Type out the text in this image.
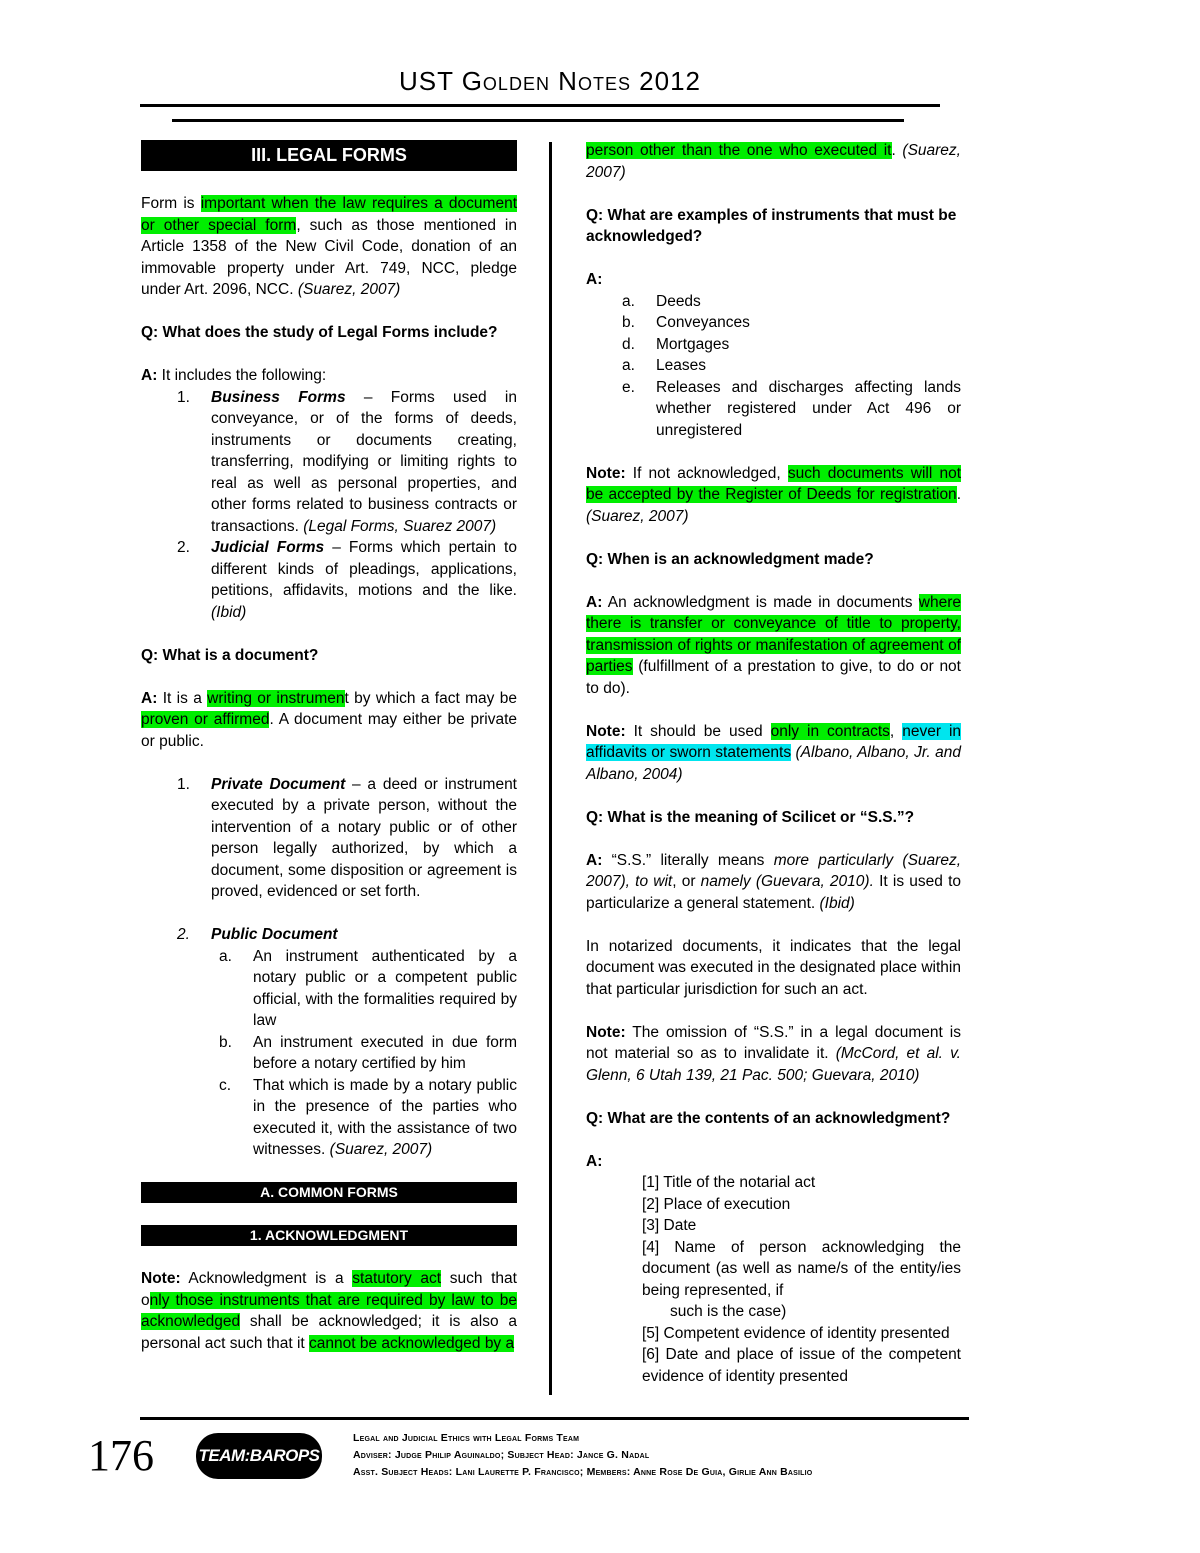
UST Golden Notes 2012
III. LEGAL FORMS

Form is important when the law requires a document or other special form, such as those mentioned in Article 1358 of the New Civil Code, donation of an immovable property under Art. 749, NCC, pledge under Art. 2096, NCC. (Suarez, 2007)

Q: What does the study of Legal Forms include?

A: It includes the following:
1. Business Forms – Forms used in conveyance, or of the forms of deeds, instruments or documents creating, transferring, modifying or limiting rights to real as well as personal properties, and other forms related to business contracts or transactions. (Legal Forms, Suarez 2007)
2. Judicial Forms – Forms which pertain to different kinds of pleadings, applications, petitions, affidavits, motions and the like. (Ibid)

Q: What is a document?

A: It is a writing or instrument by which a fact may be proven or affirmed. A document may either be private or public.

1. Private Document – a deed or instrument executed by a private person, without the intervention of a notary public or of other person legally authorized, by which a document, some disposition or agreement is proved, evidenced or set forth.
2. Public Document
a. An instrument authenticated by a notary public or a competent public official, with the formalities required by law
b. An instrument executed in due form before a notary certified by him
c. That which is made by a notary public in the presence of the parties who executed it, with the assistance of two witnesses. (Suarez, 2007)
A. COMMON FORMS
1. ACKNOWLEDGMENT

Note: Acknowledgment is a statutory act such that only those instruments that are required by law to be acknowledged shall be acknowledged; it is also a personal act such that it cannot be acknowledged by a

person other than the one who executed it. (Suarez, 2007)

Q: What are examples of instruments that must be acknowledged?

A:
a. Deeds
b. Conveyances
d. Mortgages
a. Leases
e. Releases and discharges affecting lands whether registered under Act 496 or unregistered

Note: If not acknowledged, such documents will not be accepted by the Register of Deeds for registration. (Suarez, 2007)

Q: When is an acknowledgment made?

A: An acknowledgment is made in documents where there is transfer or conveyance of title to property, transmission of rights or manifestation of agreement of parties (fulfillment of a prestation to give, to do or not to do).

Note: It should be used only in contracts, never in affidavits or sworn statements (Albano, Albano, Jr. and Albano, 2004)

Q: What is the meaning of Scilicet or “S.S.”?

A: “S.S.” literally means more particularly (Suarez, 2007), to wit, or namely (Guevara, 2010). It is used to particularize a general statement. (Ibid)

In notarized documents, it indicates that the legal document was executed in the designated place within that particular jurisdiction for such an act.

Note: The omission of “S.S.” in a legal document is not material so as to invalidate it. (McCord, et al. v. Glenn, 6 Utah 139, 21 Pac. 500; Guevara, 2010)

Q: What are the contents of an acknowledgment?

A:
[1] Title of the notarial act
[2] Place of execution
[3] Date
[4] Name of person acknowledging the document (as well as name/s of the entity/ies being represented, if
such is the case)
[5] Competent evidence of identity presented
[6] Date and place of issue of the competent evidence of identity presented
176	TEAM:BAROPS
Legal and Judicial Ethics with Legal Forms Team
Adviser: Judge Philip Aguinaldo; Subject Head: Jance G. Nadal
Asst. Subject Heads: Lani Laurette P. Francisco; Members: Anne Rose De Guia, Girlie Ann Basilio
